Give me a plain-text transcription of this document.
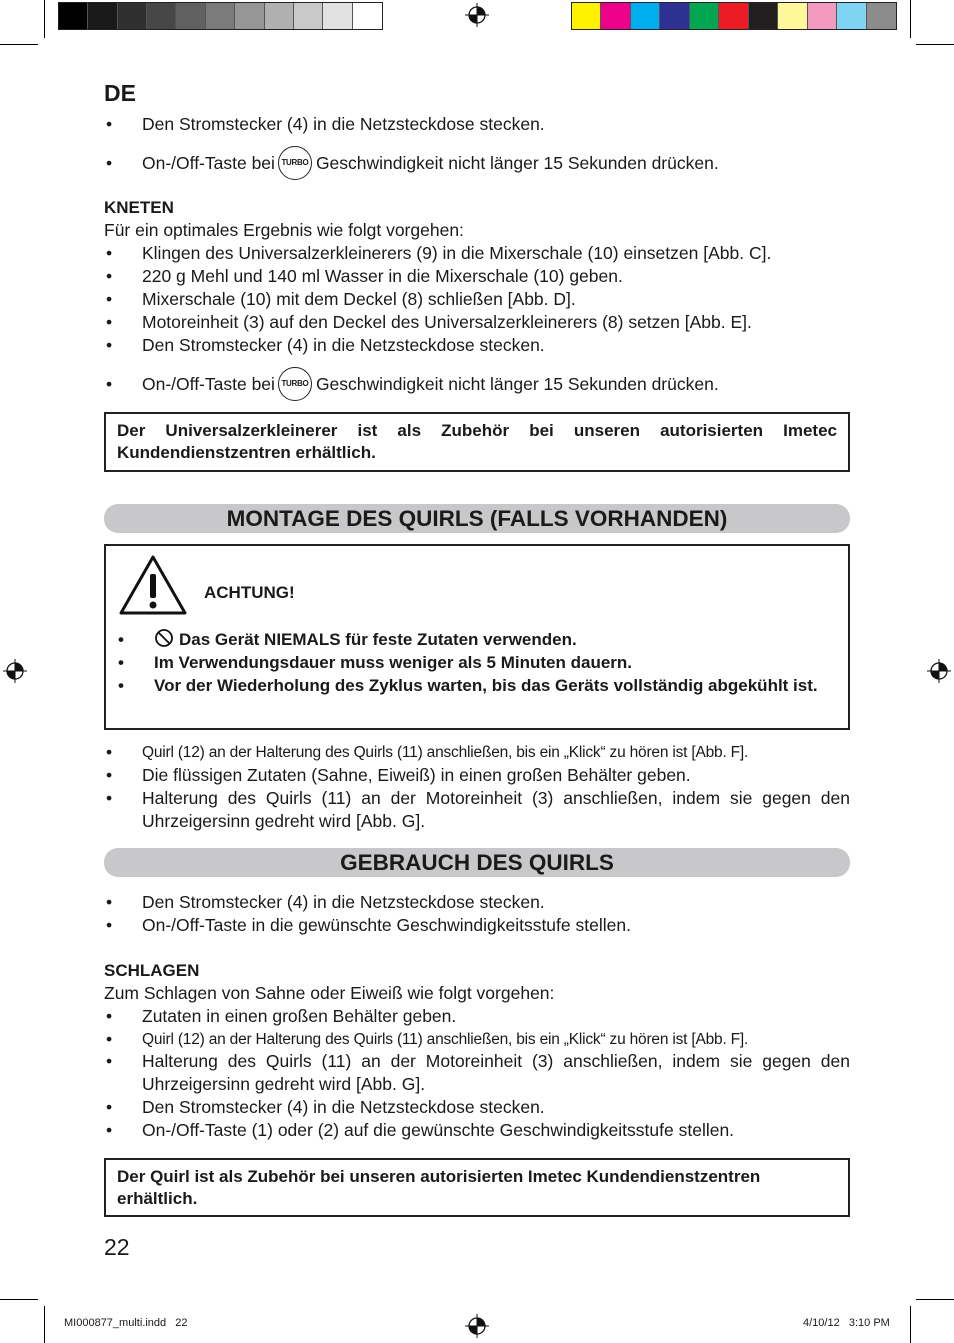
DE
• Den Stromstecker (4) in die Netzsteckdose stecken.
• On-/Off-Taste bei TURBO Geschwindigkeit nicht länger 15 Sekunden drücken.
KNETEN
Für ein optimales Ergebnis wie folgt vorgehen:
• Klingen des Universalzerkleinerers (9) in die Mixerschale (10) einsetzen [Abb. C].
• 220 g Mehl und 140 ml Wasser in die Mixerschale (10) geben.
• Mixerschale (10) mit dem Deckel (8) schließen [Abb. D].
• Motoreinheit (3) auf den Deckel des Universalzerkleinerers (8) setzen [Abb. E].
• Den Stromstecker (4) in die Netzsteckdose stecken.
• On-/Off-Taste bei TURBO Geschwindigkeit nicht länger 15 Sekunden drücken.
Der Universalzerkleinerer ist als Zubehör bei unseren autorisierten Imetec Kundendienstzentren erhältlich.
MONTAGE DES QUIRLS (FALLS VORHANDEN)
ACHTUNG!
•	Das Gerät NIEMALS für feste Zutaten verwenden.
• Im Verwendungsdauer muss weniger als 5 Minuten dauern.
• Vor der Wiederholung des Zyklus warten, bis das Geräts vollständig abgekühlt ist.
• Quirl (12) an der Halterung des Quirls (11) anschließen, bis ein „Klick“ zu hören ist [Abb. F].
• Die flüssigen Zutaten (Sahne, Eiweiß) in einen großen Behälter geben.
• Halterung des Quirls (11) an der Motoreinheit (3) anschließen, indem sie gegen den Uhrzeigersinn gedreht wird [Abb. G].
GEBRAUCH DES QUIRLS
• Den Stromstecker (4) in die Netzsteckdose stecken.
• On-/Off-Taste in die gewünschte Geschwindigkeitsstufe stellen.
SCHLAGEN
Zum Schlagen von Sahne oder Eiweiß wie folgt vorgehen:
• Zutaten in einen großen Behälter geben.
• Quirl (12) an der Halterung des Quirls (11) anschließen, bis ein „Klick“ zu hören ist [Abb. F].
• Halterung des Quirls (11) an der Motoreinheit (3) anschließen, indem sie gegen den Uhrzeigersinn gedreht wird [Abb. G].
• Den Stromstecker (4) in die Netzsteckdose stecken.
• On-/Off-Taste (1) oder (2) auf die gewünschte Geschwindigkeitsstufe stellen.
Der Quirl ist als Zubehör bei unseren autorisierten Imetec Kundendienstzentren erhältlich.
22
MI000877_multi.indd   22	4/10/12   3:10 PM
